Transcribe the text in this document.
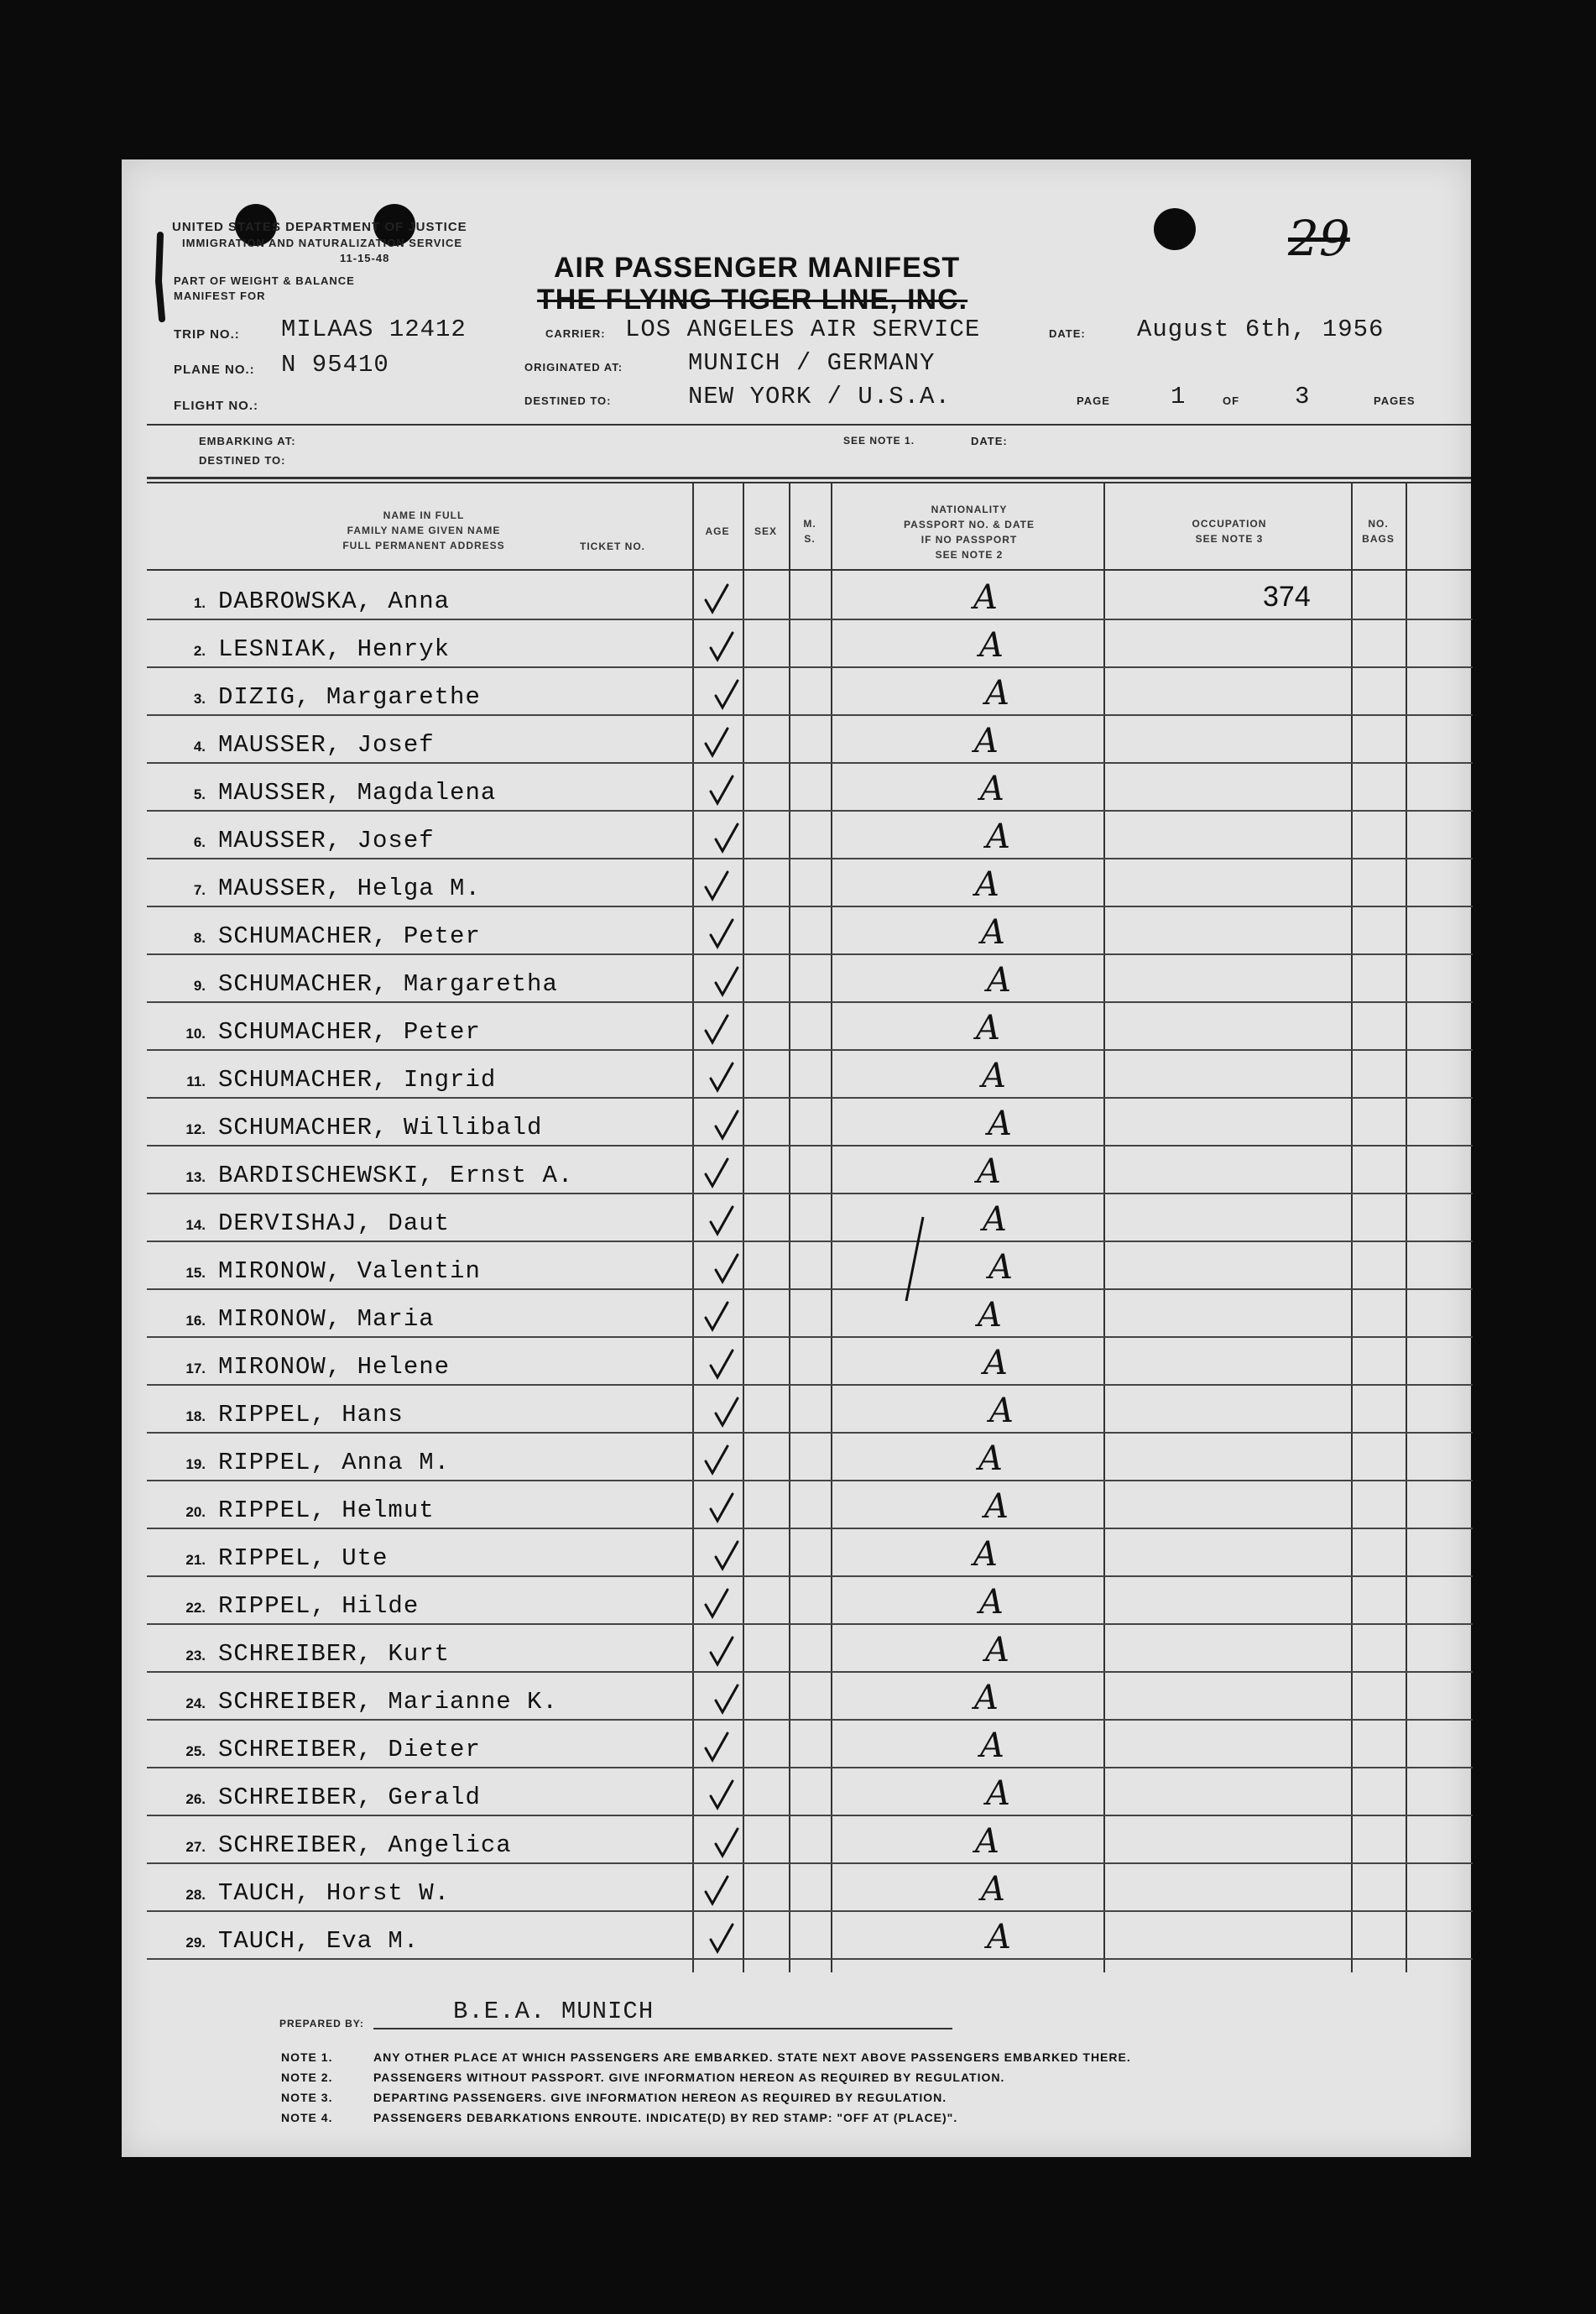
UNITED STATES DEPARTMENT OF JUSTICE
IMMIGRATION AND NATURALIZATION SERVICE
11-15-48
PART OF WEIGHT & BALANCE
MANIFEST FOR
AIR PASSENGER MANIFEST
THE FLYING TIGER LINE, INC.
29
TRIP NO.: MILAAS 12412
PLANE NO.: N 95410
FLIGHT NO.:
CARRIER: LOS ANGELES AIR SERVICE
ORIGINATED AT:	MUNICH / GERMANY
DESTINED TO:	NEW YORK / U.S.A.
DATE: August 6th, 1956
PAGE 1	OF 3	PAGES
EMBARKING AT:
DESTINED TO:
SEE NOTE 1.	DATE:
NAME IN FULL
FAMILY NAME GIVEN NAME
FULL PERMANENT ADDRESS	TICKET NO.
AGE	SEX
M. S.
NATIONALITY
PASSPORT NO. & DATE
IF NO PASSPORT
SEE NOTE 2
OCCUPATION
SEE NOTE 3
NO.
BAGS
1. DABROWSKA, Anna	A	374
2. LESNIAK, Henryk	A
3. DIZIG, Margarethe	A
4. MAUSSER, Josef	A
5. MAUSSER, Magdalena	A
6. MAUSSER, Josef	A
7. MAUSSER, Helga M.	A
8. SCHUMACHER, Peter	A
9. SCHUMACHER, Margaretha	A
10. SCHUMACHER, Peter	A
11. SCHUMACHER, Ingrid	A
12. SCHUMACHER, Willibald	A
13. BARDISCHEWSKI, Ernst A.	A
14. DERVISHAJ, Daut	A
15. MIRONOW, Valentin	A
16. MIRONOW, Maria	A
17. MIRONOW, Helene	A
18. RIPPEL, Hans	A
19. RIPPEL, Anna M.	A
20. RIPPEL, Helmut	A
21. RIPPEL, Ute	A
22. RIPPEL, Hilde	A
23. SCHREIBER, Kurt	A
24. SCHREIBER, Marianne K.	A
25. SCHREIBER, Dieter	A
26. SCHREIBER, Gerald	A
27. SCHREIBER, Angelica	A
28. TAUCH, Horst W.	A
29. TAUCH, Eva M.	A
PREPARED BY:	B.E.A. MUNICH
NOTE 1.	ANY OTHER PLACE AT WHICH PASSENGERS ARE EMBARKED. STATE NEXT ABOVE PASSENGERS EMBARKED THERE.
NOTE 2.	PASSENGERS WITHOUT PASSPORT. GIVE INFORMATION HEREON AS REQUIRED BY REGULATION.
NOTE 3.	DEPARTING PASSENGERS. GIVE INFORMATION HEREON AS REQUIRED BY REGULATION.
NOTE 4.	PASSENGERS DEBARKATIONS ENROUTE. INDICATE(D) BY RED STAMP: "OFF AT (PLACE)".
